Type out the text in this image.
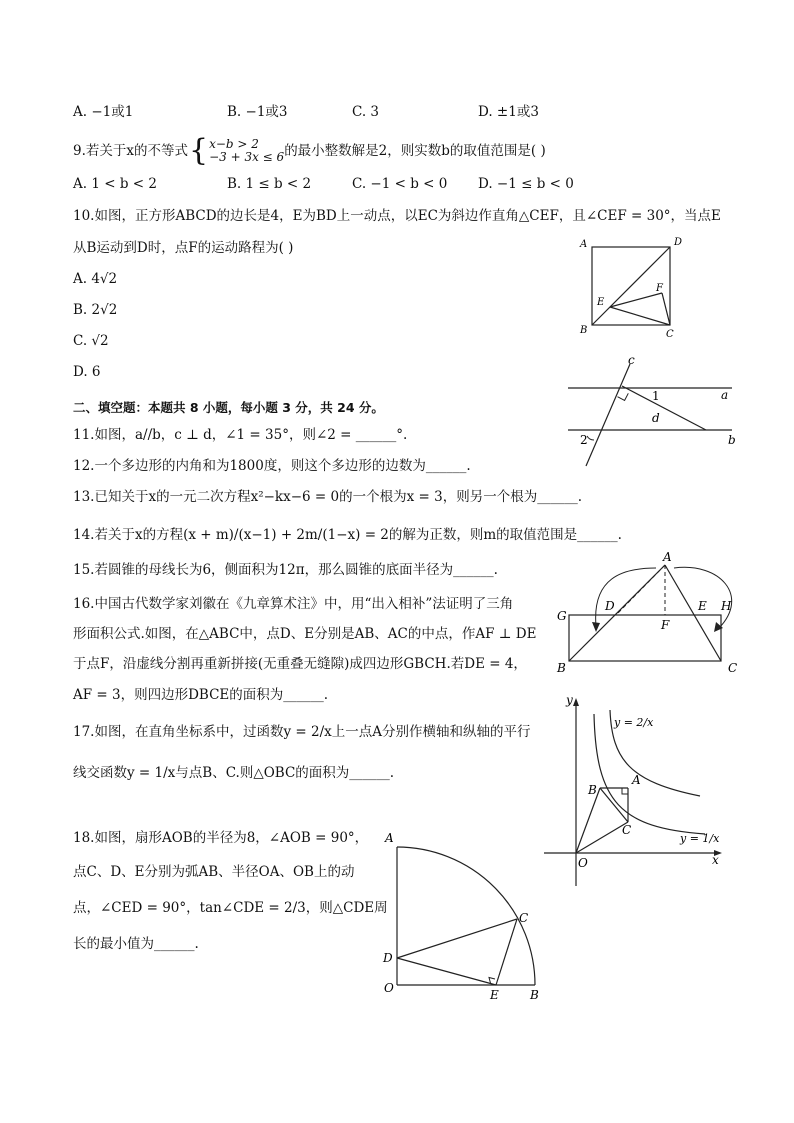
A. −1或1	B. −1或3	C. 3	D. ±1或3
9.若关于x的不等式 { x−b > 2
−3 + 3x ≤ 6 的最小整数解是2，则实数b的取值范围是( )
A. 1 < b < 2	B. 1 ≤ b < 2	C. −1 < b < 0 D. −1 ≤ b < 0
10.如图，正方形ABCD的边长是4，E为BD上一动点，以EC为斜边作直角△CEF，且∠CEF = 30°，当点E
从B运动到D时，点F的运动路程为( )
A. 4√2
B. 2√2
C. √2
D. 6
A	D
E
F
B	C
二、填空题：本题共 8 小题，每小题 3 分，共 24 分。
11.如图，a//b，c ⊥ d，∠1 = 35°，则∠2 = ______°.
c
1	a
d
2	b
12.一个多边形的内角和为1800度，则这个多边形的边数为______.
13.已知关于x的一元二次方程x²−kx−6 = 0的一个根为x = 3，则另一个根为______.
14.若关于x的方程(x + m)/(x−1) + 2m/(1−x) = 2的解为正数，则m的取值范围是______.
15.若圆锥的母线长为6，侧面积为12π，那么圆锥的底面半径为______.
16.中国古代数学家刘徽在《九章算术注》中，用“出入相补”法证明了三角
形面积公式.如图，在△ABC中，点D、E分别是AB、AC的中点，作AF ⊥ DE
于点F，沿虚线分割再重新拼接(无重叠无缝隙)成四边形GBCH.若DE = 4，
AF = 3，则四边形DBCE的面积为______.
A
G
D	E H
F
B	C
17.如图，在直角坐标系中，过函数y = 2/x上一点A分别作横轴和纵轴的平行
线交函数y = 1/x与点B、C.则△OBC的面积为______.
y
y = 2/x
B
A
C
y = 1/x
O	x
18.如图，扇形AOB的半径为8，∠AOB = 90°，
点C、D、E分别为弧AB、半径OA、OB上的动
点，∠CED = 90°，tan∠CDE = 2/3，则△CDE周
长的最小值为______.
A
C
D
O	E	B
